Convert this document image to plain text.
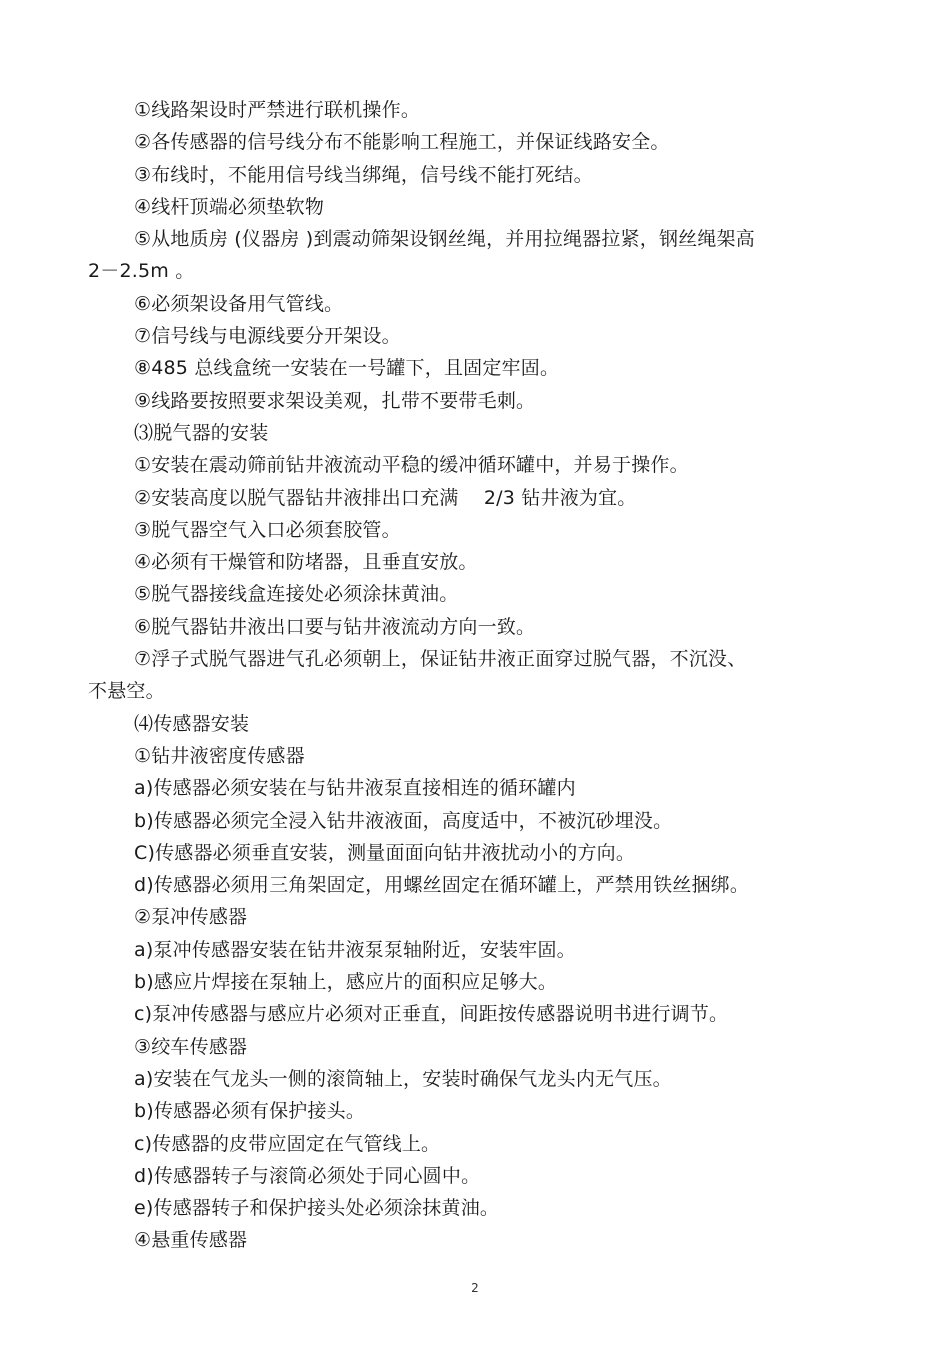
①线路架设时严禁进行联机操作。
②各传感器的信号线分布不能影响工程施工，并保证线路安全。
③布线时，不能用信号线当绑绳，信号线不能打死结。
④线杆顶端必须垫软物
⑤从地质房 (仪器房 )到震动筛架设钢丝绳，并用拉绳器拉紧，钢丝绳架高
2－2.5m 。
⑥必须架设备用气管线。
⑦信号线与电源线要分开架设。
⑧485 总线盒统一安装在一号罐下，且固定牢固。
⑨线路要按照要求架设美观，扎带不要带毛刺。
⑶脱气器的安装
①安装在震动筛前钻井液流动平稳的缓冲循环罐中，并易于操作。
②安装高度以脱气器钻井液排出口充满　 2/3 钻井液为宜。
③脱气器空气入口必须套胶管。
④必须有干燥管和防堵器，且垂直安放。
⑤脱气器接线盒连接处必须涂抹黄油。
⑥脱气器钻井液出口要与钻井液流动方向一致。
⑦浮子式脱气器进气孔必须朝上，保证钻井液正面穿过脱气器，不沉没、
不悬空。
⑷传感器安装
①钻井液密度传感器
a)传感器必须安装在与钻井液泵直接相连的循环罐内
b)传感器必须完全浸入钻井液液面，高度适中，不被沉砂埋没。
C)传感器必须垂直安装，测量面面向钻井液扰动小的方向。
d)传感器必须用三角架固定，用螺丝固定在循环罐上，严禁用铁丝捆绑。
②泵冲传感器
a)泵冲传感器安装在钻井液泵泵轴附近，安装牢固。
b)感应片焊接在泵轴上，感应片的面积应足够大。
c)泵冲传感器与感应片必须对正垂直，间距按传感器说明书进行调节。
③绞车传感器
a)安装在气龙头一侧的滚筒轴上，安装时确保气龙头内无气压。
b)传感器必须有保护接头。
c)传感器的皮带应固定在气管线上。
d)传感器转子与滚筒必须处于同心圆中。
e)传感器转子和保护接头处必须涂抹黄油。
④悬重传感器
2
